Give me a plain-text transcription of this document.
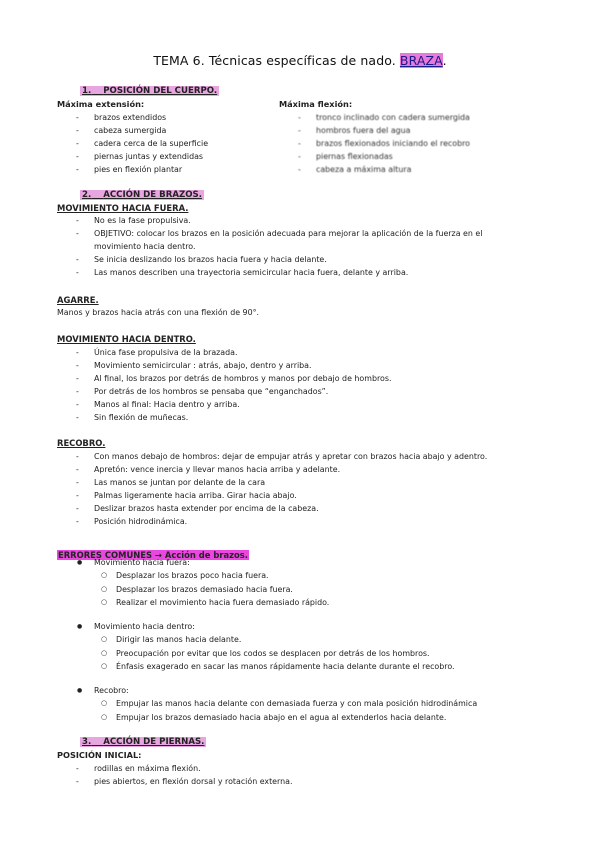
TEMA 6. Técnicas específicas de nado. BRAZA.
1. POSICIÓN DEL CUERPO.
Máxima extensión:
- brazos extendidos
- cabeza sumergida
- cadera cerca de la superficie
- piernas juntas y extendidas
- pies en flexión plantar
Máxima flexión:
- tronco inclinado con cadera sumergida
- hombros fuera del agua
- brazos flexionados iniciando el recobro
- piernas flexionadas
- cabeza a máxima altura
2. ACCIÓN DE BRAZOS.
MOVIMIENTO HACIA FUERA.
- No es la fase propulsiva.
- OBJETIVO: colocar los brazos en la posición adecuada para mejorar la aplicación de la fuerza en el
movimiento hacia dentro.
- Se inicia deslizando los brazos hacia fuera y hacia delante.
- Las manos describen una trayectoria semicircular hacia fuera, delante y arriba.
AGARRE.
Manos y brazos hacia atrás con una flexión de 90°.
MOVIMIENTO HACIA DENTRO.
- Única fase propulsiva de la brazada.
- Movimiento semicircular : atrás, abajo, dentro y arriba.
- Al final, los brazos por detrás de hombros y manos por debajo de hombros.
- Por detrás de los hombros se pensaba que “enganchados”.
- Manos al final: Hacia dentro y arriba.
- Sin flexión de muñecas.
RECOBRO.
- Con manos debajo de hombros: dejar de empujar atrás y apretar con brazos hacia abajo y adentro.
- Apretón: vence inercia y llevar manos hacia arriba y adelante.
- Las manos se juntan por delante de la cara
- Palmas ligeramente hacia arriba. Girar hacia abajo.
- Deslizar brazos hasta extender por encima de la cabeza.
- Posición hidrodinámica.
ERRORES COMUNES → Acción de brazos.
● Movimiento hacia fuera:
○ Desplazar los brazos poco hacia fuera.
○ Desplazar los brazos demasiado hacia fuera.
○ Realizar el movimiento hacia fuera demasiado rápido.
● Movimiento hacia dentro:
○ Dirigir las manos hacia delante.
○ Preocupación por evitar que los codos se desplacen por detrás de los hombros.
○ Énfasis exagerado en sacar las manos rápidamente hacia delante durante el recobro.
● Recobro:
○ Empujar las manos hacia delante con demasiada fuerza y con mala posición hidrodinámica
○ Empujar los brazos demasiado hacia abajo en el agua al extenderlos hacia delante.
3. ACCIÓN DE PIERNAS.
POSICIÓN INICIAL:
- rodillas en máxima flexión.
- pies abiertos, en flexión dorsal y rotación externa.
